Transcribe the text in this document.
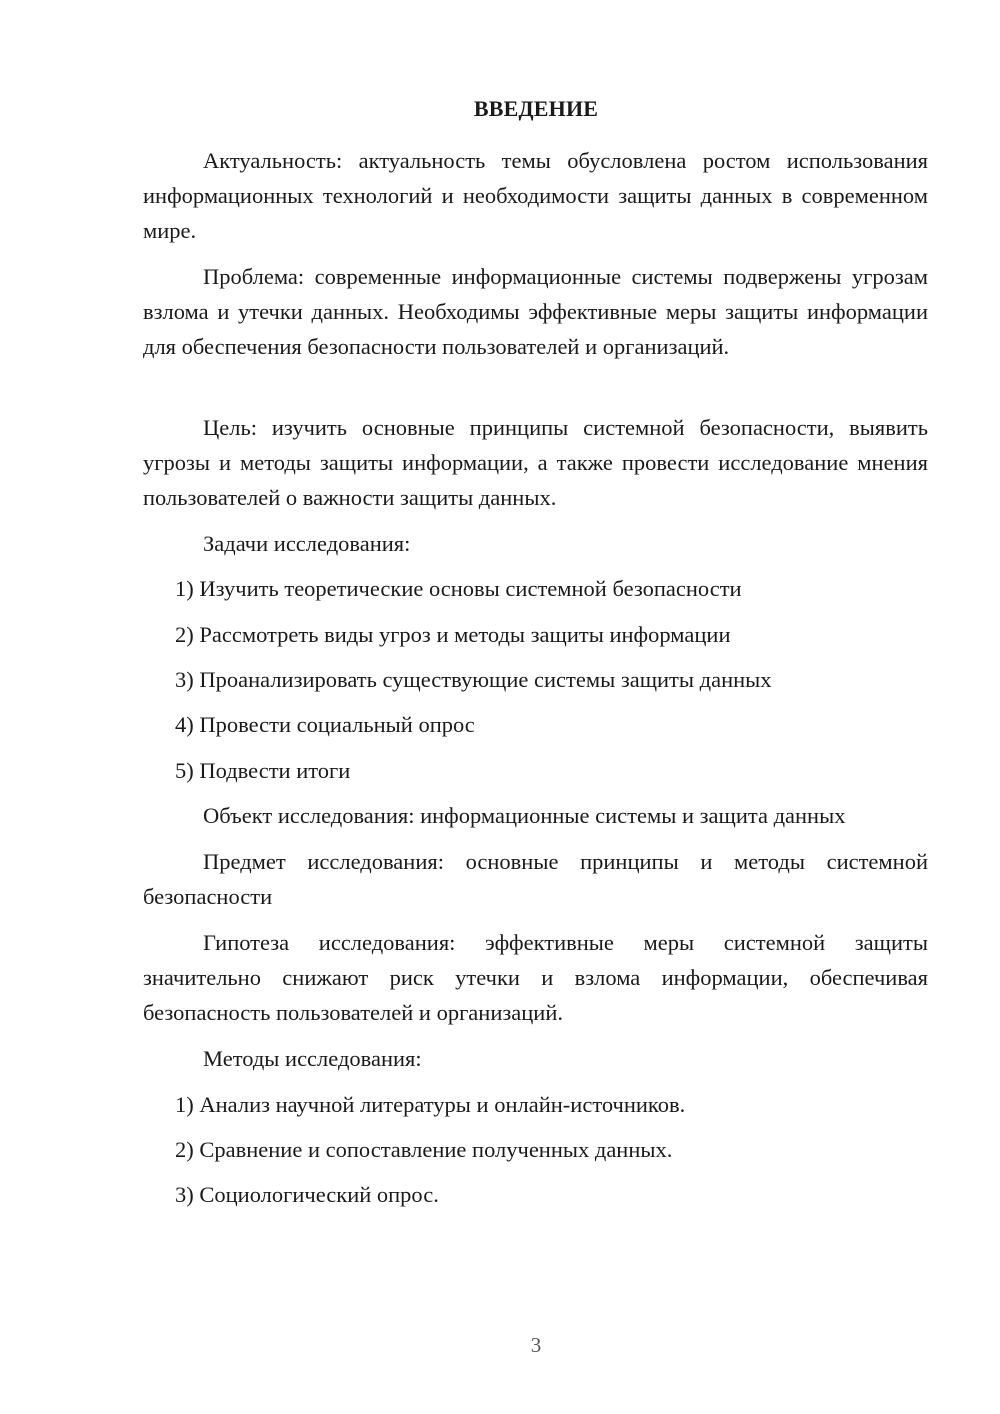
ВВЕДЕНИЕ

Актуальность: актуальность темы обусловлена ростом использования информационных технологий и необходимости защиты данных в современном мире.

Проблема: современные информационные системы подвержены угрозам взлома и утечки данных. Необходимы эффективные меры защиты информации для обеспечения безопасности пользователей и организаций.

Цель: изучить основные принципы системной безопасности, выявить угрозы и методы защиты информации, а также провести исследование мнения пользователей о важности защиты данных.

Задачи исследования:

1) Изучить теоретические основы системной безопасности

2) Рассмотреть виды угроз и методы защиты информации

3) Проанализировать существующие системы защиты данных

4) Провести социальный опрос

5) Подвести итоги

Объект исследования: информационные системы и защита данных

Предмет исследования: основные принципы и методы системной безопасности

Гипотеза исследования: эффективные меры системной защиты значительно снижают риск утечки и взлома информации, обеспечивая безопасность пользователей и организаций.

Методы исследования:

1) Анализ научной литературы и онлайн-источников.

2) Сравнение и сопоставление полученных данных.

3) Социологический опрос.

3
